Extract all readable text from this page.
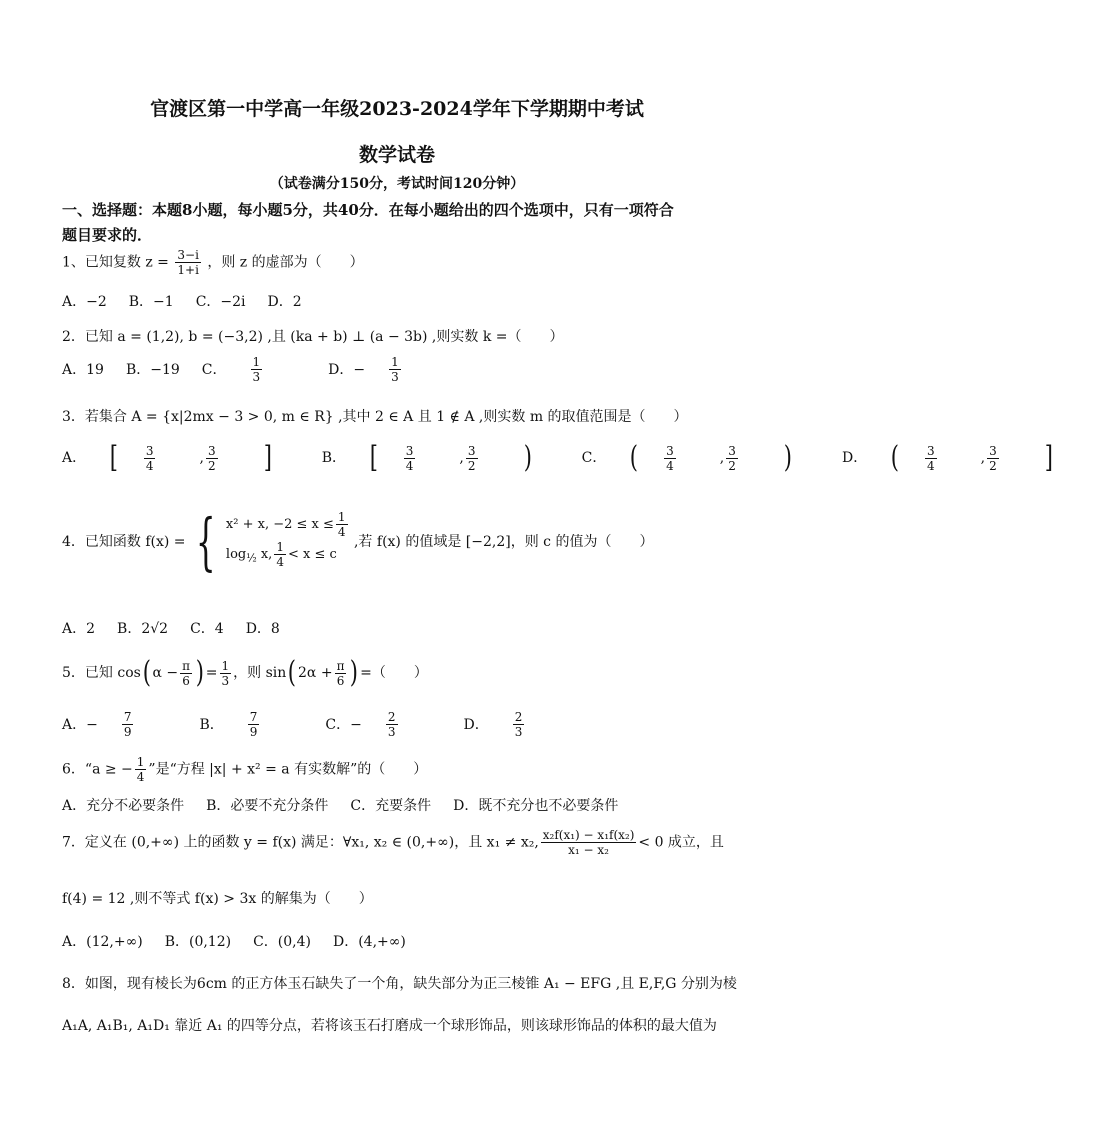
官渡区第一中学高一年级2023-2024学年下学期期中考试
数学试卷
（试卷满分150分，考试时间120分钟）
一、选择题：本题8小题，每小题5分，共40分．在每小题给出的四个选项中，只有一项符合
题目要求的．
1、已知复数 $z = \frac{3-i}{1+i}$ ，则 z 的虚部为（　　）
A．−2 B．−1 C．−2i D．2
2．已知 a = (1,2), b = (−3,2) ,且 (ka + b) ⊥ (a − 3b) ,则实数 k =（　　）
A．19 B．−19 C． $\frac{1}{3}$	D．− $\frac{1}{3}$
3．若集合 A = {x|2mx − 3 > 0, m ∈ R} ,其中 2 ∈ A 且 1 ∉ A ,则实数 m 的取值范围是（　　）
A． [ $\frac{3}{4}$ , $\frac{3}{2}$ ]	B． [ $\frac{3}{4}$ , $\frac{3}{2}$ )	C． ( $\frac{3}{4}$ , $\frac{3}{2}$ )	D． ( $\frac{3}{4}$ , $\frac{3}{2}$ ]
4．已知函数 f(x) = { x² + x, $-2 \le x \le \frac{1}{4}$
$\log_{\frac{1}{2}} x$, $\frac{1}{4} < x \le c$
,若 f(x) 的值域是 [−2,2]，则 c 的值为（　　）
A．2 B．2√2 C．4 D．8
5．已知 cos( $\alpha - \frac{\pi}{6}$ ) = $\frac{1}{3}$ ，则 sin( $2\alpha + \frac{\pi}{6}$ ) =（　　）
A．− $\frac{7}{9}$	B． $\frac{7}{9}$	C．− $\frac{2}{3}$	D． $\frac{2}{3}$
6．“a ≥ − $\frac{1}{4}$ ”是“方程 |x| + x² = a 有实数解”的（　　）
A．充分不必要条件 B．必要不充分条件 C．充要条件 D．既不充分也不必要条件
7．定义在 (0,+∞) 上的函数 y = f(x) 满足：∀x₁, x₂ ∈ (0,+∞)，且 x₁ ≠ x₂, $\frac{\text{x₂f(x₁) − x₁f(x₂)}}{\text{x₁ − x₂}} < 0$ 成立，且
f(4) = 12 ,则不等式 f(x) > 3x 的解集为（　　）
A．(12,+∞) B．(0,12) C．(0,4) D．(4,+∞)
8．如图，现有棱长为6cm 的正方体玉石缺失了一个角，缺失部分为正三棱锥 A₁ − EFG ,且 E,F,G 分别为棱
A₁A, A₁B₁, A₁D₁ 靠近 A₁ 的四等分点，若将该玉石打磨成一个球形饰品，则该球形饰品的体积的最大值为
